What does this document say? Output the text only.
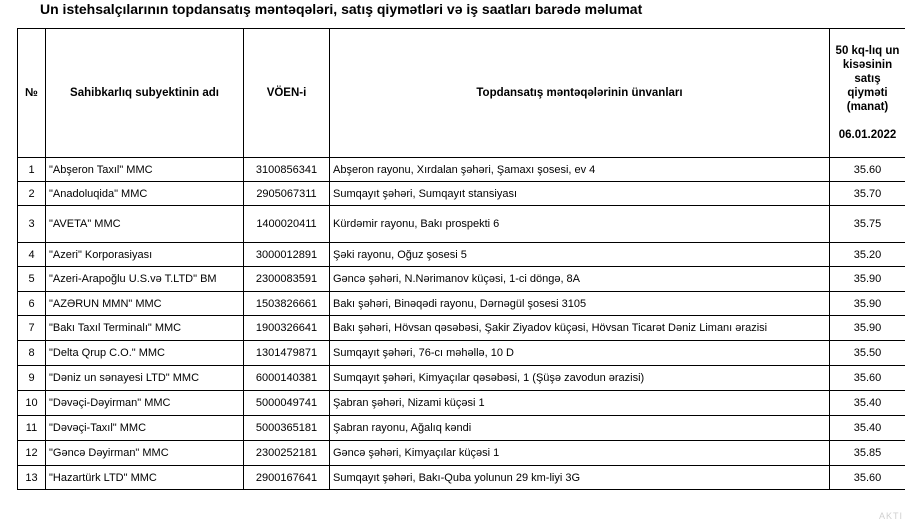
Un istehsalçılarının topdansatış məntəqələri, satış qiymətləri və iş saatları barədə məlumat
№	Sahibkarlıq subyektinin adı	VÖEN-i	Topdansatış məntəqələrinin ünvanları	50 kq-lıq un kisəsinin satış qiyməti (manat)
06.01.2022

1	"Abşeron Taxıl" MMC	3100856341	Abşeron rayonu, Xırdalan şəhəri, Şamaxı şosesi, ev 4	35.60
2	"Anadoluqida" MMC	2905067311	Sumqayıt şəhəri, Sumqayıt stansiyası	35.70
3	"AVETA" MMC	1400020411	Kürdəmir rayonu, Bakı prospekti 6	35.75
4	"Azeri" Korporasiyası	3000012891	Şəki rayonu, Oğuz şosesi 5	35.20
5	"Azeri-Arapoğlu U.S.və T.LTD" BM	2300083591	Gəncə şəhəri, N.Nərimanov küçəsi, 1-ci döngə, 8A	35.90
6	"AZƏRUN MMN" MMC	1503826661	Bakı şəhəri, Binəqədi rayonu, Dərnəgül şosesi 3105	35.90
7	"Bakı Taxıl Terminalı" MMC	1900326641	Bakı şəhəri, Hövsan qəsəbəsi, Şakir Ziyadov küçəsi, Hövsan Ticarət Dəniz Limanı ərazisi	35.90
8	"Delta Qrup C.O." MMC	1301479871	Sumqayıt şəhəri, 76-cı məhəllə, 10 D	35.50
9	"Dəniz un sənayesi LTD" MMC	6000140381	Sumqayıt şəhəri, Kimyaçılar qəsəbəsi, 1 (Şüşə zavodun ərazisi)	35.60
10	"Dəvəçi-Dəyirman" MMC	5000049741	Şabran şəhəri, Nizami küçəsi 1	35.40
11	"Dəvəçi-Taxıl" MMC	5000365181	Şabran rayonu, Ağalıq kəndi	35.40
12	"Gəncə Dəyirman" MMC	2300252181	Gəncə şəhəri, Kimyaçılar küçəsi 1	35.85
13	"Hazartürk LTD" MMC	2900167641	Sumqayıt şəhəri, Bakı-Quba yolunun 29 km-liyi 3G	35.60
AKTI
